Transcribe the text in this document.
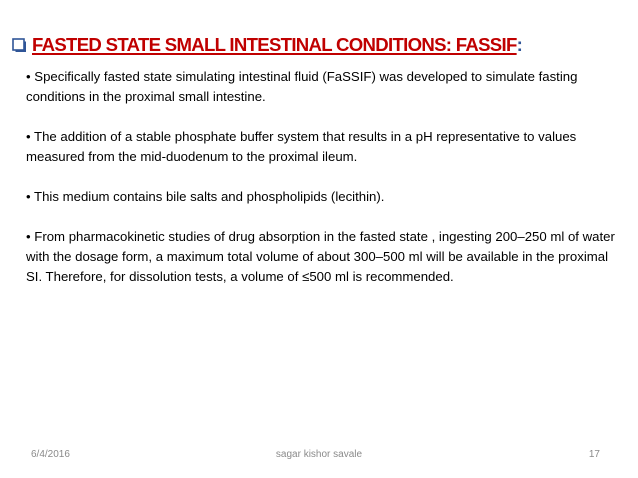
FASTED STATE SMALL INTESTINAL CONDITIONS: FASSIF :

• Specifically fasted state simulating intestinal fluid (FaSSIF) was developed to simulate fasting conditions in the proximal small intestine.

• The addition of a stable phosphate buffer system that results in a pH representative to values measured from the mid-duodenum to the proximal ileum.

• This medium contains bile salts and phospholipids (lecithin).

• From pharmacokinetic studies of drug absorption in the fasted state , ingesting 200–250 ml of water with the dosage form, a maximum total volume of about 300–500 ml will be available in the proximal SI. Therefore, for dissolution tests, a volume of ≤500 ml is recommended.

6/4/2016	sagar kishor savale	17
